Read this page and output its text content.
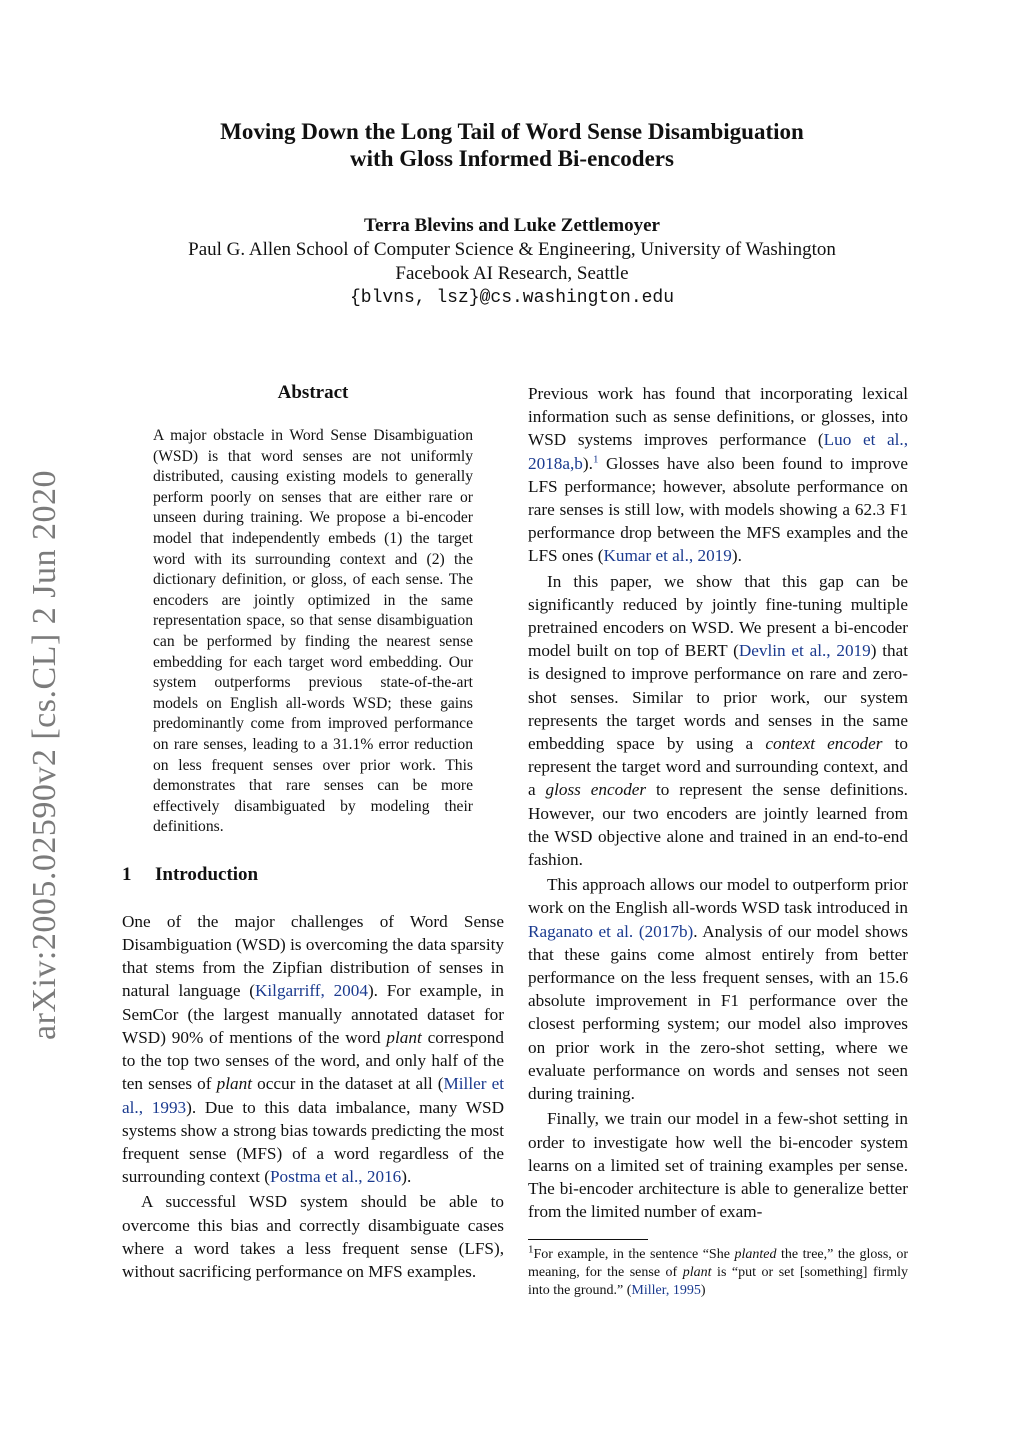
arXiv:2005.02590v2 [cs.CL] 2 Jun 2020
Moving Down the Long Tail of Word Sense Disambiguation
with Gloss Informed Bi-encoders
Terra Blevins and Luke Zettlemoyer
Paul G. Allen School of Computer Science & Engineering, University of Washington
Facebook AI Research, Seattle
{blvns, lsz}@cs.washington.edu
Abstract
A major obstacle in Word Sense Disambiguation (WSD) is that word senses are not uniformly distributed, causing existing models to generally perform poorly on senses that are either rare or unseen during training. We propose a bi-encoder model that independently embeds (1) the target word with its surrounding context and (2) the dictionary definition, or gloss, of each sense. The encoders are jointly optimized in the same representation space, so that sense disambiguation can be performed by finding the nearest sense embedding for each target word embedding. Our system outperforms previous state-of-the-art models on English all-words WSD; these gains predominantly come from improved performance on rare senses, leading to a 31.1% error reduction on less frequent senses over prior work. This demonstrates that rare senses can be more effectively disambiguated by modeling their definitions.
1 Introduction

One of the major challenges of Word Sense Disambiguation (WSD) is overcoming the data sparsity that stems from the Zipfian distribution of senses in natural language (Kilgarriff, 2004). For example, in SemCor (the largest manually annotated dataset for WSD) 90% of mentions of the word plant correspond to the top two senses of the word, and only half of the ten senses of plant occur in the dataset at all (Miller et al., 1993). Due to this data imbalance, many WSD systems show a strong bias towards predicting the most frequent sense (MFS) of a word regardless of the surrounding context (Postma et al., 2016).

A successful WSD system should be able to overcome this bias and correctly disambiguate cases where a word takes a less frequent sense (LFS), without sacrificing performance on MFS examples.

Previous work has found that incorporating lexical information such as sense definitions, or glosses, into WSD systems improves performance (Luo et al., 2018a,b).$^1$ Glosses have also been found to improve LFS performance; however, absolute performance on rare senses is still low, with models showing a 62.3 F1 performance drop between the MFS examples and the LFS ones (Kumar et al., 2019).

In this paper, we show that this gap can be significantly reduced by jointly fine-tuning multiple pretrained encoders on WSD. We present a bi-encoder model built on top of BERT (Devlin et al., 2019) that is designed to improve performance on rare and zero-shot senses. Similar to prior work, our system represents the target words and senses in the same embedding space by using a context encoder to represent the target word and surrounding context, and a gloss encoder to represent the sense definitions. However, our two encoders are jointly learned from the WSD objective alone and trained in an end-to-end fashion.

This approach allows our model to outperform prior work on the English all-words WSD task introduced in Raganato et al. (2017b). Analysis of our model shows that these gains come almost entirely from better performance on the less frequent senses, with an 15.6 absolute improvement in F1 performance over the closest performing system; our model also improves on prior work in the zero-shot setting, where we evaluate performance on words and senses not seen during training.

Finally, we train our model in a few-shot setting in order to investigate how well the bi-encoder system learns on a limited set of training examples per sense. The bi-encoder architecture is able to generalize better from the limited number of exam-

$^1$For example, in the sentence “She planted the tree,” the gloss, or meaning, for the sense of plant is “put or set [something] firmly into the ground.” (Miller, 1995)
